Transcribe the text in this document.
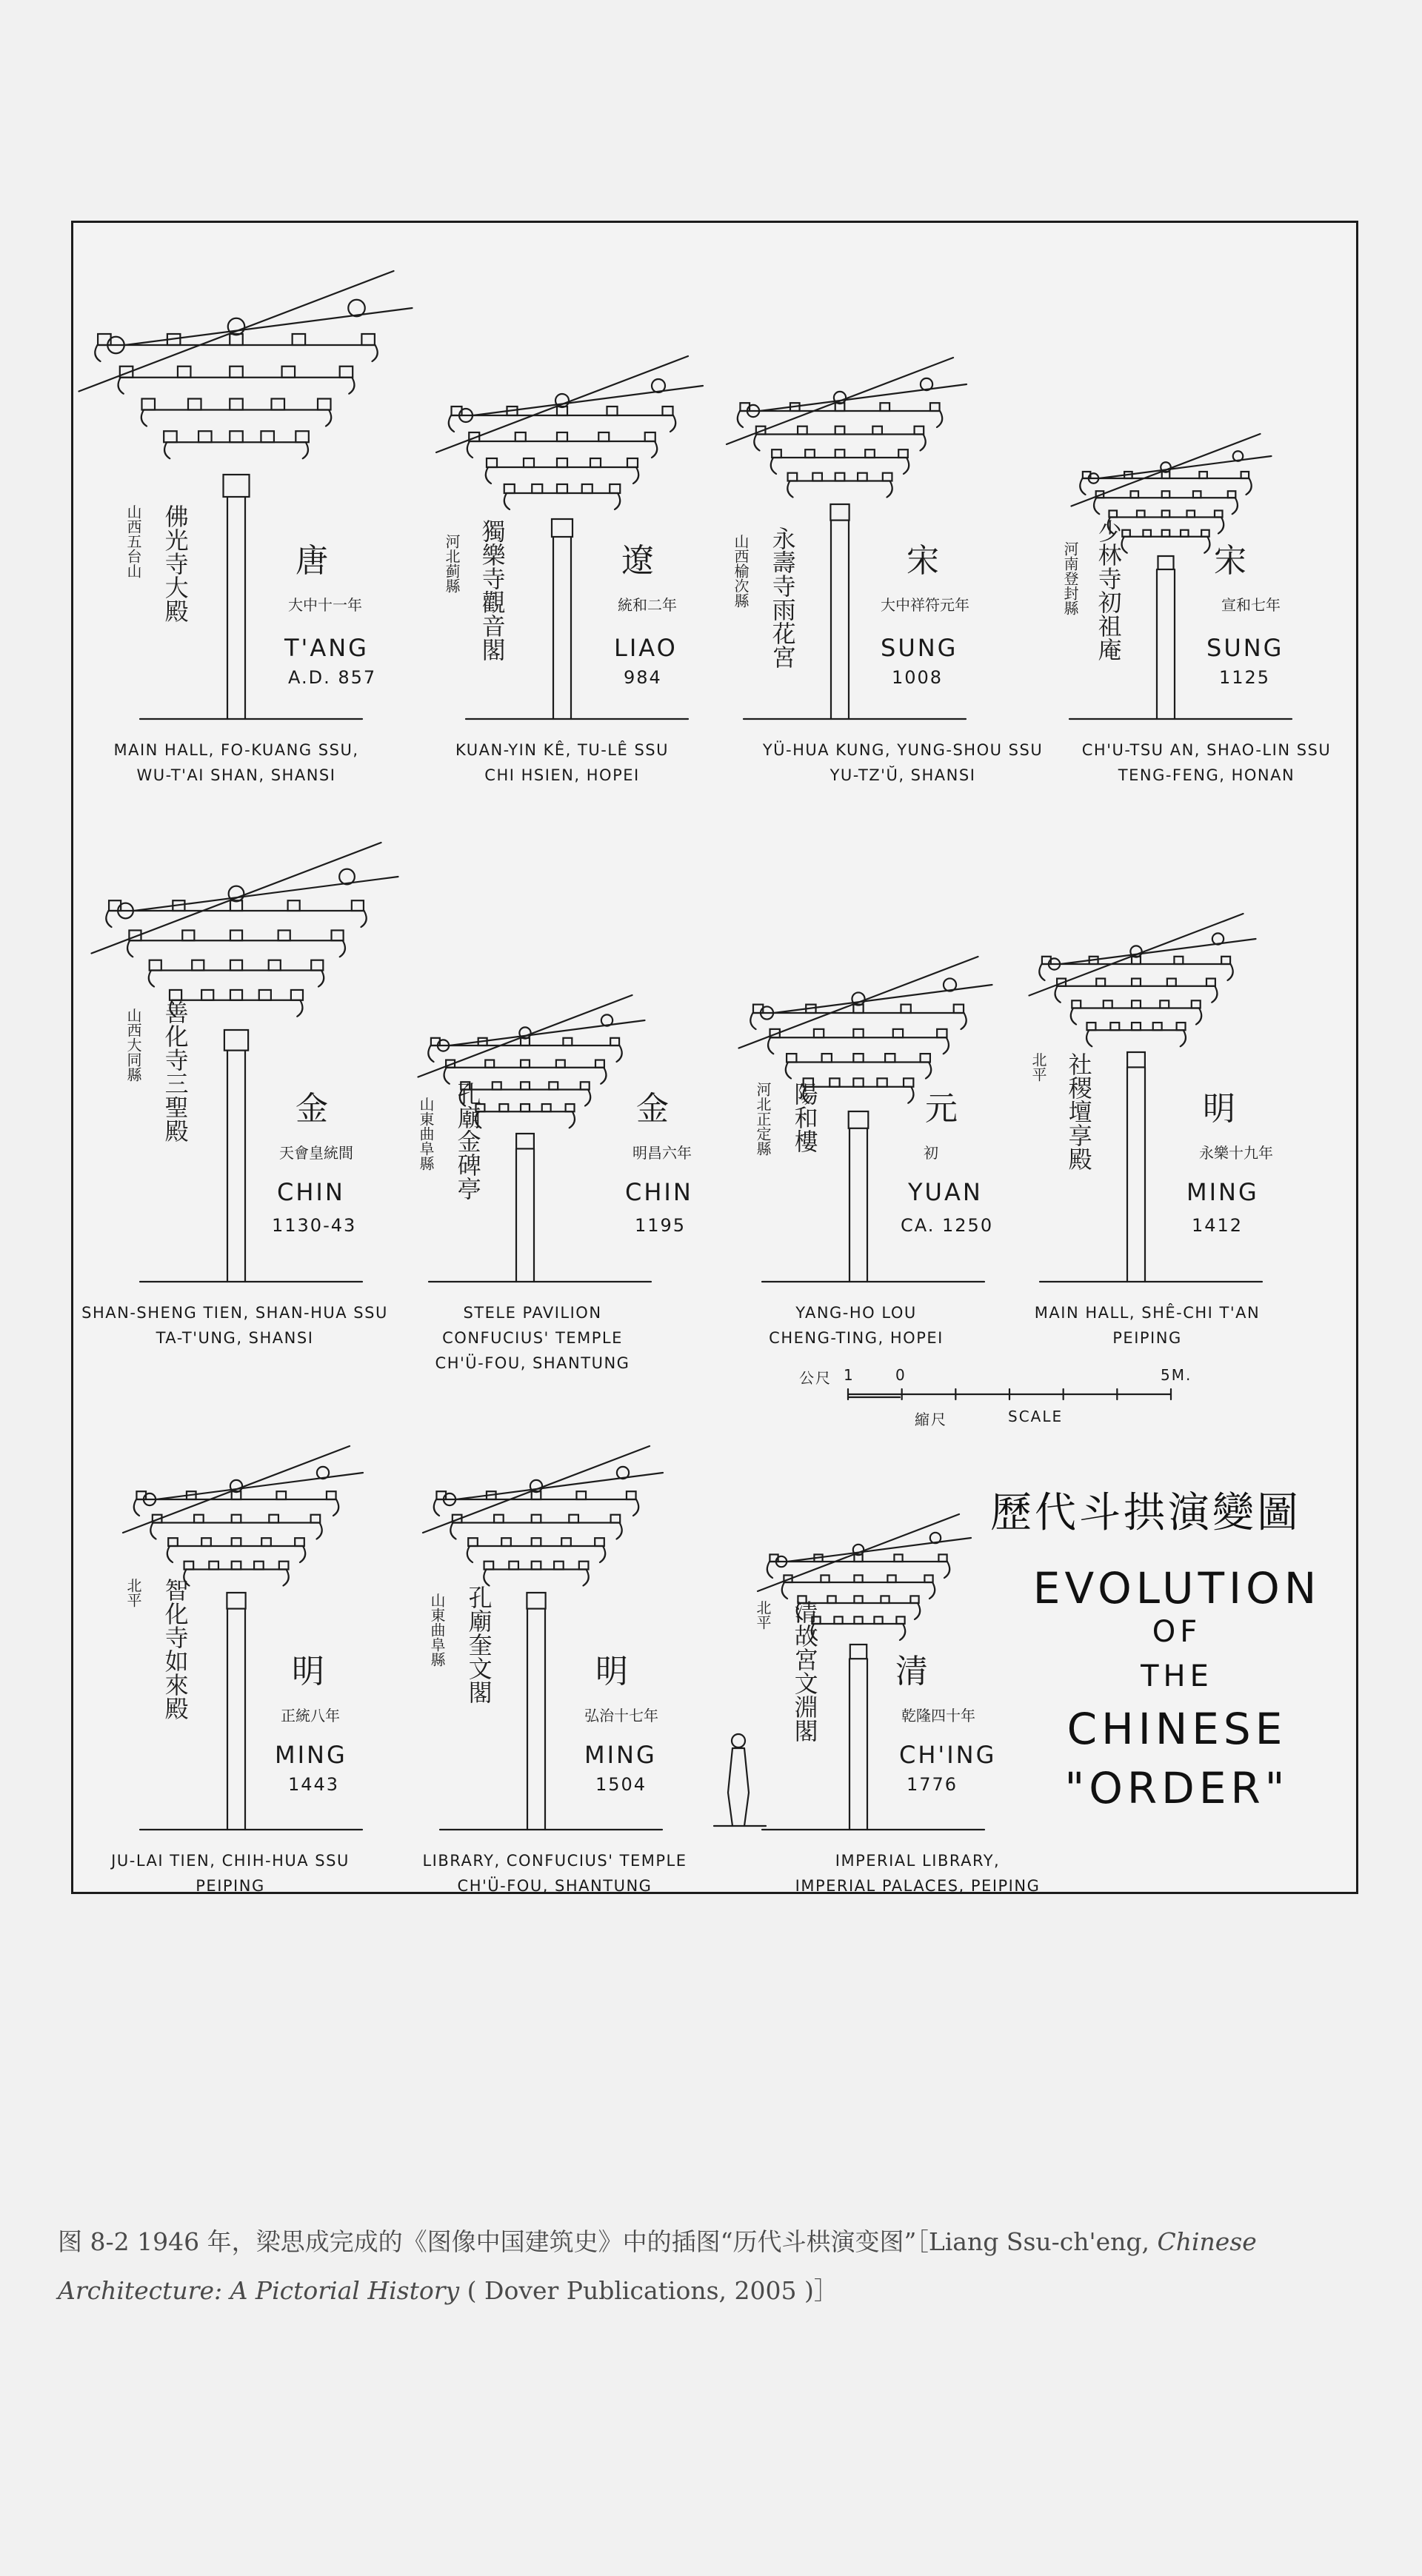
山西五台山 佛光寺大殿	唐
大中十一年
T'ANG
A.D. 857
MAIN HALL, FO-KUANG SSU,
WU-T'AI SHAN, SHANSI
河北蓟縣 獨樂寺觀音閣	遼
統和二年
LIAO
984
KUAN-YIN KÊ, TU-LÊ SSU
CHI HSIEN, HOPEI
山西榆次縣 永壽寺雨花宮	宋
大中祥符元年
SUNG
1008
YÜ-HUA KUNG, YUNG-SHOU SSU
YU-TZ'Ŭ, SHANSI
河南登封縣 少林寺初祖庵	宋
宣和七年
SUNG
1125
CH'U-TSU AN, SHAO-LIN SSU
TENG-FENG, HONAN
山西大同縣 善化寺三聖殿	金
天會皇統間
CHIN
1130-43
SHAN-SHENG TIEN, SHAN-HUA SSU
TA-T'UNG, SHANSI
山東曲阜縣 孔廟金碑亭	金
明昌六年
CHIN
1195
STELE PAVILION
CONFUCIUS' TEMPLE
CH'Ü-FOU, SHANTUNG
河北正定縣 陽和樓	元
初
YUAN
CA. 1250
YANG-HO LOU
CHENG-TING, HOPEI
北平 社稷壇享殿	明
永樂十九年
MING
1412
MAIN HALL, SHÊ-CHI T'AN
PEIPING
北平 智化寺如來殿	明
正統八年
MING
1443
JU-LAI TIEN, CHIH-HUA SSU
PEIPING
山東曲阜縣 孔廟奎文閣	明
弘治十七年
MING
1504
LIBRARY, CONFUCIUS' TEMPLE
CH'Ü-FOU, SHANTUNG
北平 清故宮文淵閣 清
乾隆四十年
CH'ING
1776
IMPERIAL LIBRARY,
IMPERIAL PALACES, PEIPING
歷代斗拱演變圖
EVOLUTION
OF
THE
CHINESE
"ORDER"
公尺 1	0	5M.
縮尺	SCALE
图 8-2 1946 年，梁思成完成的《图像中国建筑史》中的插图“历代斗栱演变图”［Liang Ssu-ch'eng, Chinese Architecture: A Pictorial History ( Dover Publications, 2005 )］
